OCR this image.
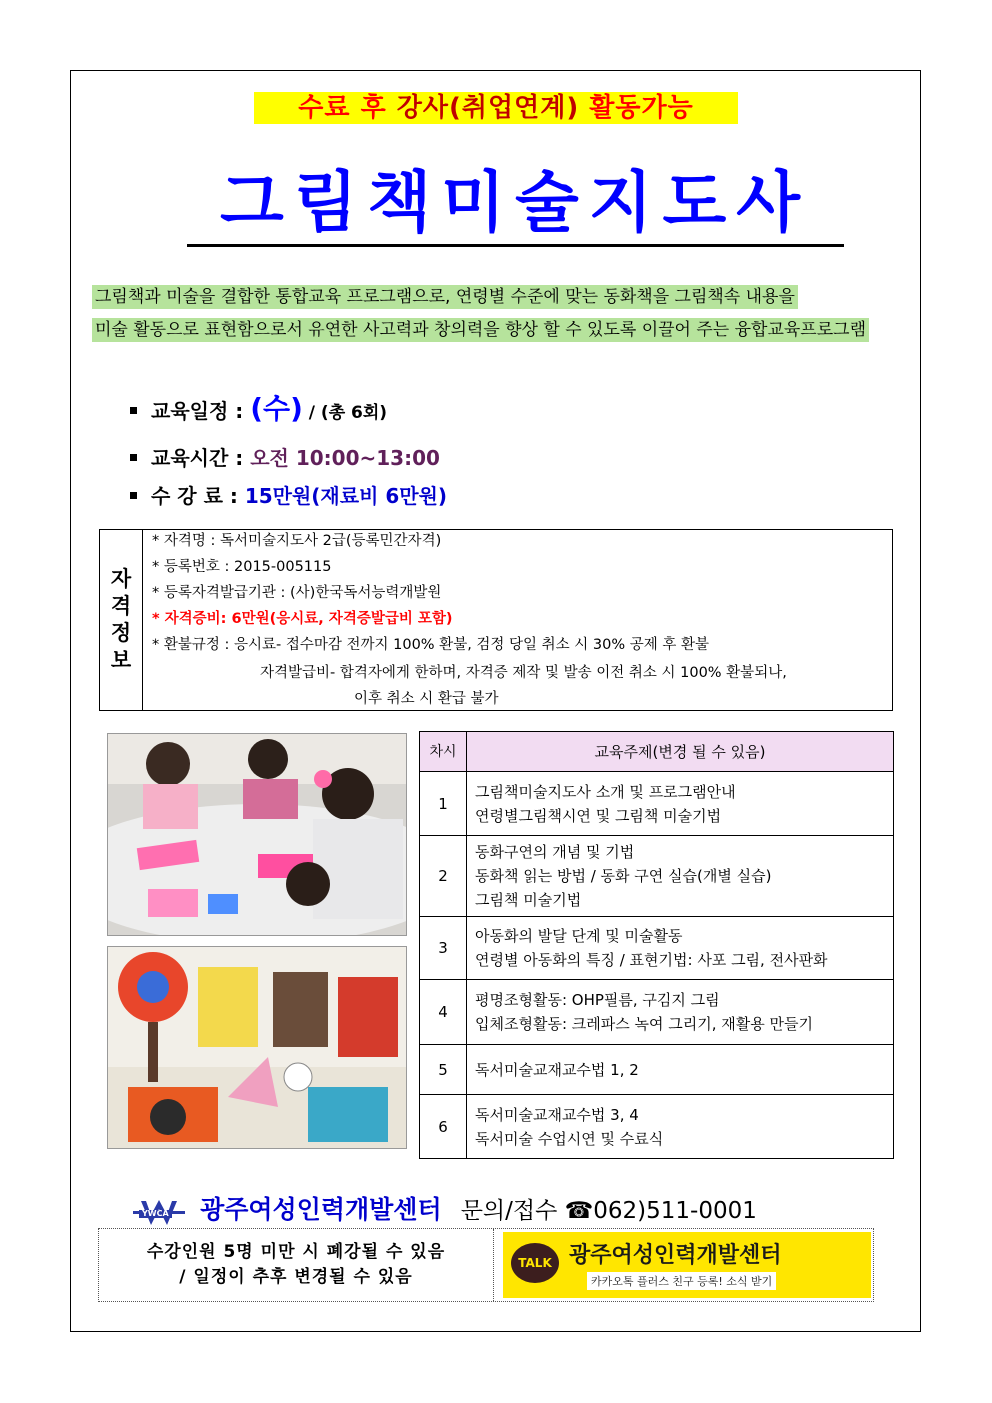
수료 후 강사(취업연계) 활동가능
그림책미술지도사
그림책과 미술을 결합한 통합교육 프로그램으로, 연령별 수준에 맞는 동화책을 그림책속 내용을
미술 활동으로 표현함으로서 유연한 사고력과 창의력을 향상 할 수 있도록 이끌어 주는 융합교육프로그램
교육일정 : (수) / (총 6회)
교육시간 : 오전 10:00~13:00
수 강 료 : 15만원(재료비 6만원)
자
격
정
보
* 자격명 : 독서미술지도사 2급(등록민간자격)
* 등록번호 : 2015-005115
* 등록자격발급기관 : (사)한국독서능력개발원
* 자격증비: 6만원(응시료, 자격증발급비 포함)
* 환불규정 : 응시료- 접수마감 전까지 100% 환불, 검정 당일 취소 시 30% 공제 후 환불
자격발급비- 합격자에게 한하며, 자격증 제작 및 발송 이전 취소 시 100% 환불되나,
이후 취소 시 환급 불가
차시	교육주제(변경 될 수 있음)
1	그림책미술지도사 소개 및 프로그램안내
연령별그림책시연 및 그림책 미술기법

2	동화구연의 개념 및 기법
동화책 읽는 방법 / 동화 구연 실습(개별 실습)
그림책 미술기법

3	아동화의 발달 단계 및 미술활동
연령별 아동화의 특징 / 표현기법: 사포 그림, 전사판화

4	평명조형활동: OHP필름, 구김지 그림
입체조형활동: 크레파스 녹여 그리기, 재활용 만들기

5	독서미술교재교수법 1, 2

6	독서미술교재교수법 3, 4
독서미술 수업시연 및 수료식
YWCA 광주여성인력개발센터 문의/접수 ☎062)511-0001
수강인원 5명 미만 시 폐강될 수 있음
/ 일정이 추후 변경될 수 있음
TALK 광주여성인력개발센터
카카오톡 플러스 친구 등록! 소식 받기
